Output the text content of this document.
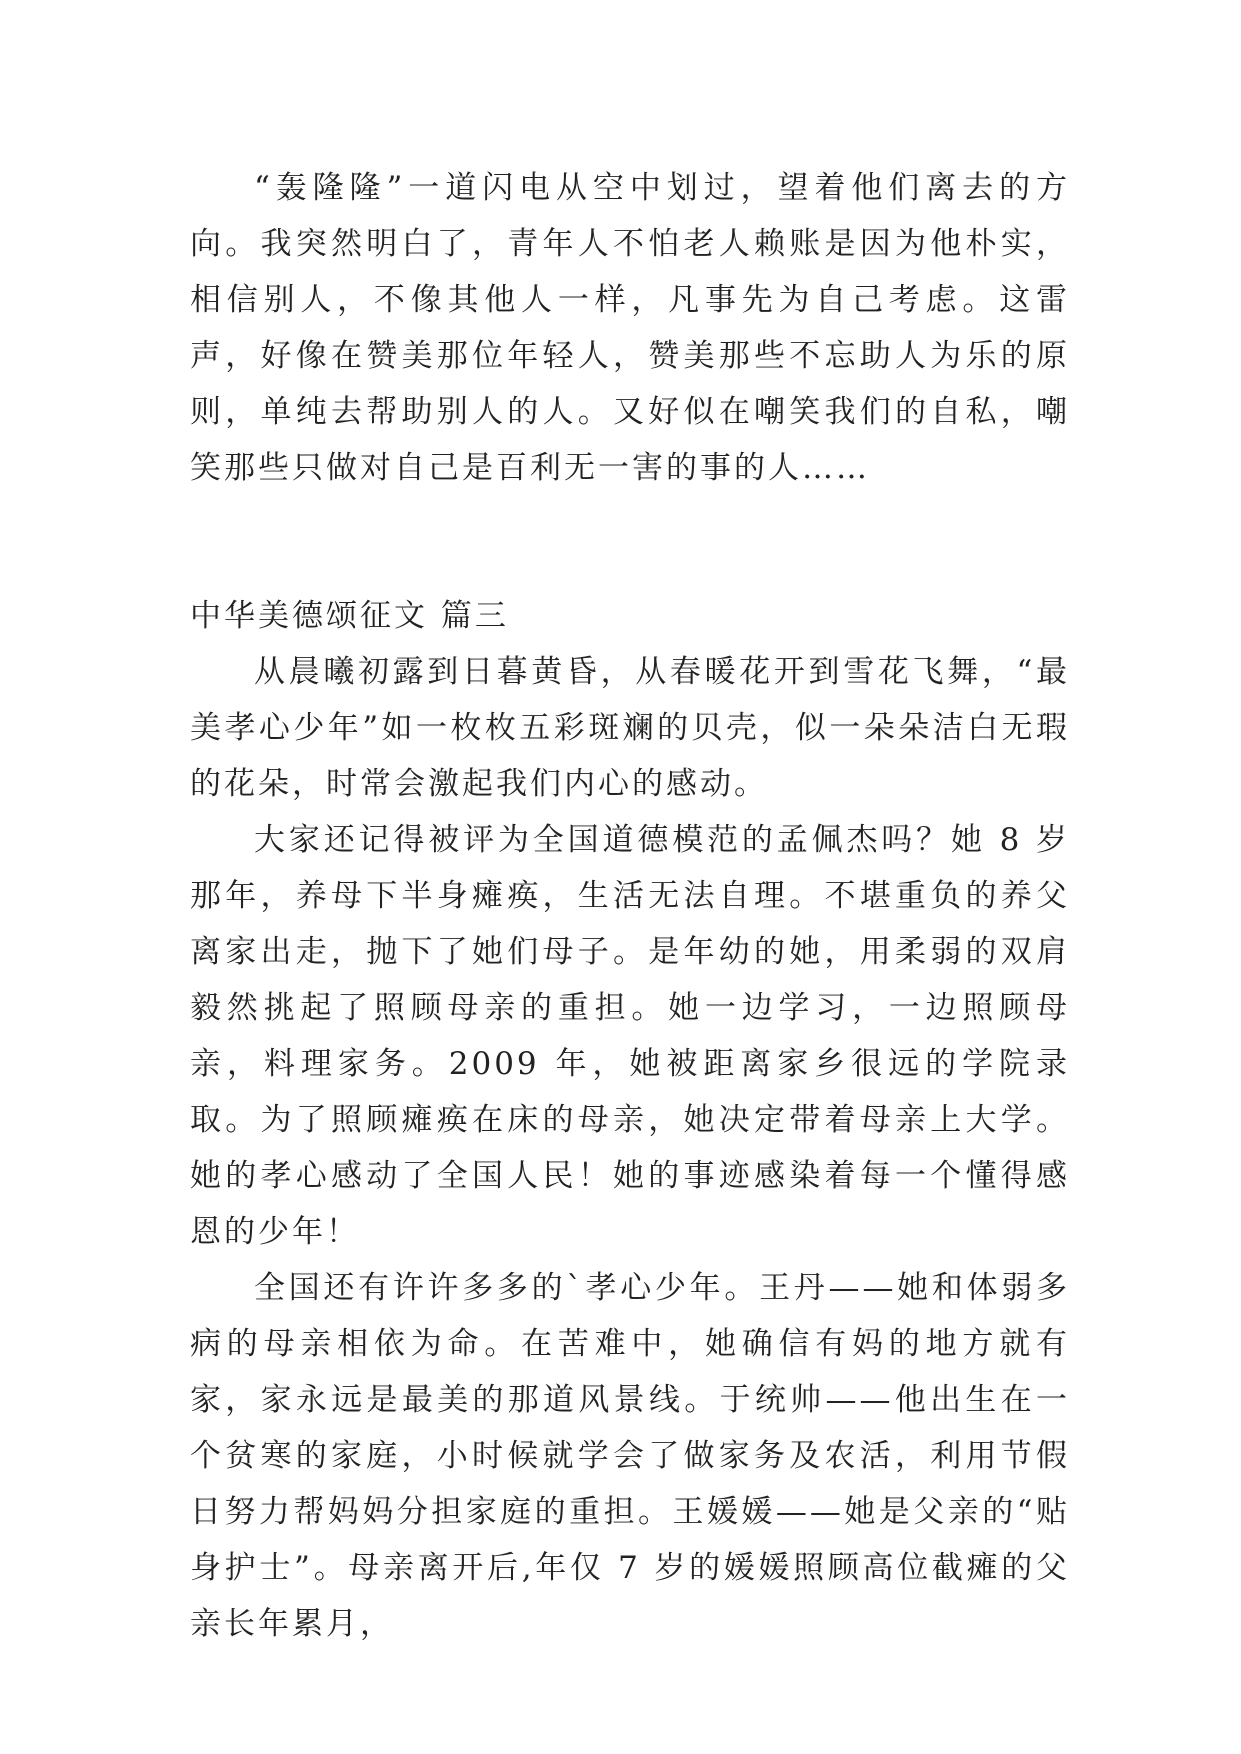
“轰隆隆”一道闪电从空中划过，望着他们离去的方向。我突然明白了，青年人不怕老人赖账是因为他朴实，相信别人，不像其他人一样，凡事先为自己考虑。这雷声，好像在赞美那位年轻人，赞美那些不忘助人为乐的原则，单纯去帮助别人的人。又好似在嘲笑我们的自私，嘲笑那些只做对自己是百利无一害的事的人……

中华美德颂征文 篇三

从晨曦初露到日暮黄昏，从春暖花开到雪花飞舞，“最美孝心少年”如一枚枚五彩斑斓的贝壳，似一朵朵洁白无瑕的花朵，时常会激起我们内心的感动。

大家还记得被评为全国道德模范的孟佩杰吗？她 8 岁那年，养母下半身瘫痪，生活无法自理。不堪重负的养父离家出走，抛下了她们母子。是年幼的她，用柔弱的双肩毅然挑起了照顾母亲的重担。她一边学习，一边照顾母亲，料理家务。2009 年，她被距离家乡很远的学院录取。为了照顾瘫痪在床的母亲，她决定带着母亲上大学。她的孝心感动了全国人民！她的事迹感染着每一个懂得感恩的少年！

全国还有许许多多的`孝心少年。王丹——她和体弱多病的母亲相依为命。在苦难中，她确信有妈的地方就有家，家永远是最美的那道风景线。于统帅——他出生在一个贫寒的家庭，小时候就学会了做家务及农活，利用节假日努力帮妈妈分担家庭的重担。王媛媛——她是父亲的“贴身护士”。母亲离开后,年仅 7 岁的媛媛照顾高位截瘫的父亲长年累月，
